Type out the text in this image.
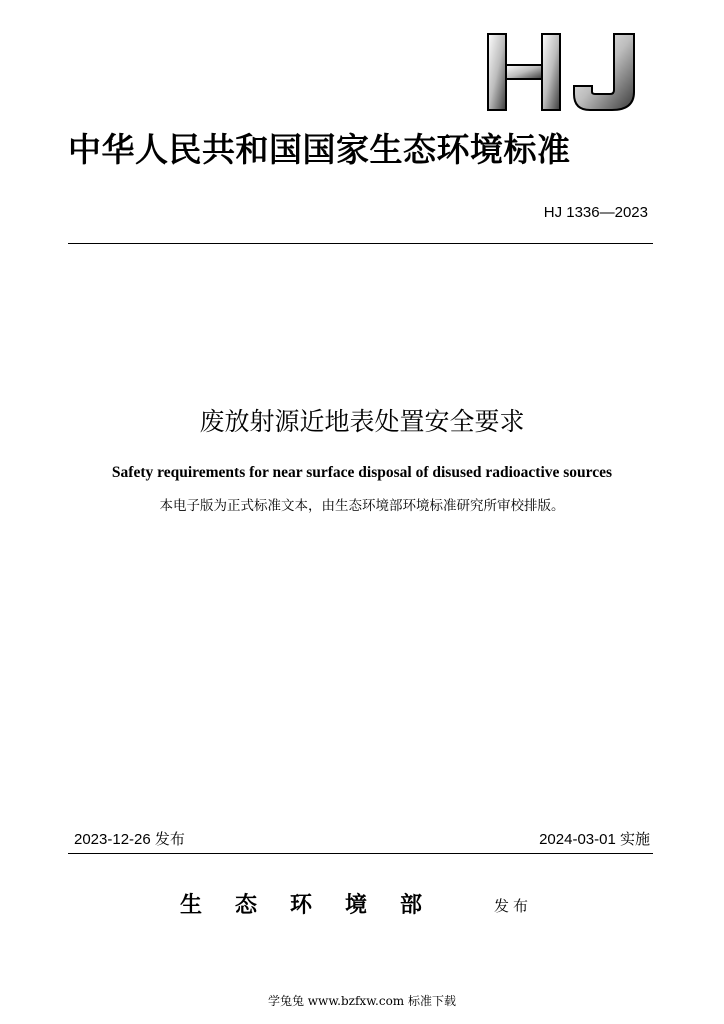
中华人民共和国国家生态环境标准
HJ 1336—2023
废放射源近地表处置安全要求
Safety requirements for near surface disposal of disused radioactive sources
本电子版为正式标准文本，由生态环境部环境标准研究所审校排版。
2023-12-26 发布	2024-03-01 实施
生态环境部	发布
学兔兔 www.bzfxw.com 标准下载
